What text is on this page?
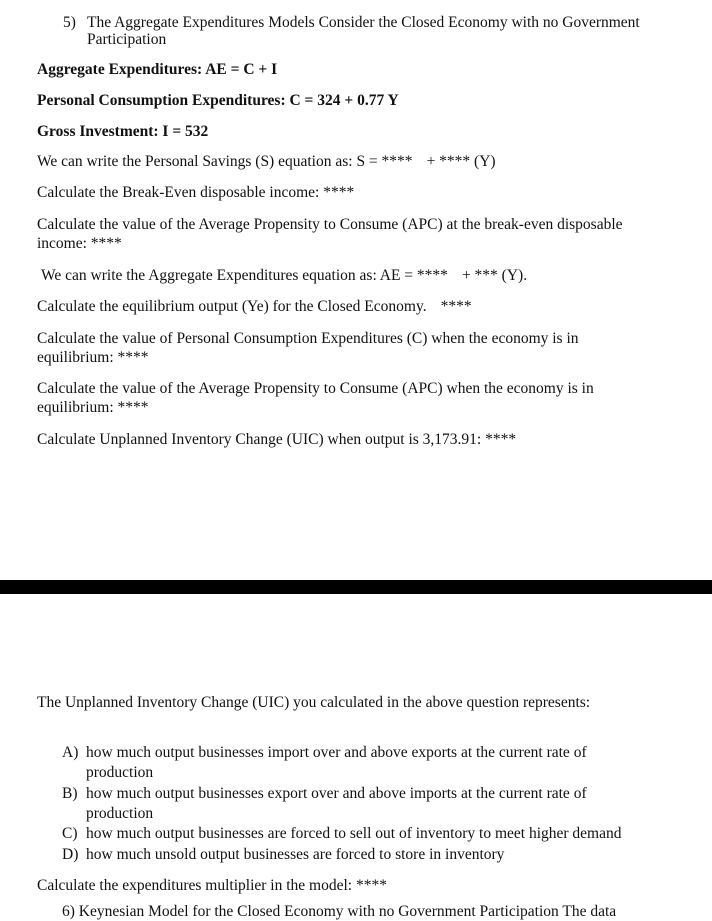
5) The Aggregate Expenditures Models Consider the Closed Economy with no Government
Participation
Aggregate Expenditures: AE = C + I
Personal Consumption Expenditures: C = 324 + 0.77 Y
Gross Investment: I = 532
We can write the Personal Savings (S) equation as: S = **** + **** (Y)
Calculate the Break-Even disposable income: ****
Calculate the value of the Average Propensity to Consume (APC) at the break-even disposable
income: ****
We can write the Aggregate Expenditures equation as: AE = **** + *** (Y).
Calculate the equilibrium output (Ye) for the Closed Economy. ****
Calculate the value of Personal Consumption Expenditures (C) when the economy is in
equilibrium: ****
Calculate the value of the Average Propensity to Consume (APC) when the economy is in
equilibrium: ****
Calculate Unplanned Inventory Change (UIC) when output is 3,173.91: ****
The Unplanned Inventory Change (UIC) you calculated in the above question represents:
A) how much output businesses import over and above exports at the current rate of
production
B) how much output businesses export over and above imports at the current rate of
production
C) how much output businesses are forced to sell out of inventory to meet higher demand
D) how much unsold output businesses are forced to store in inventory
Calculate the expenditures multiplier in the model: ****
6) Keynesian Model for the Closed Economy with no Government Participation The data
